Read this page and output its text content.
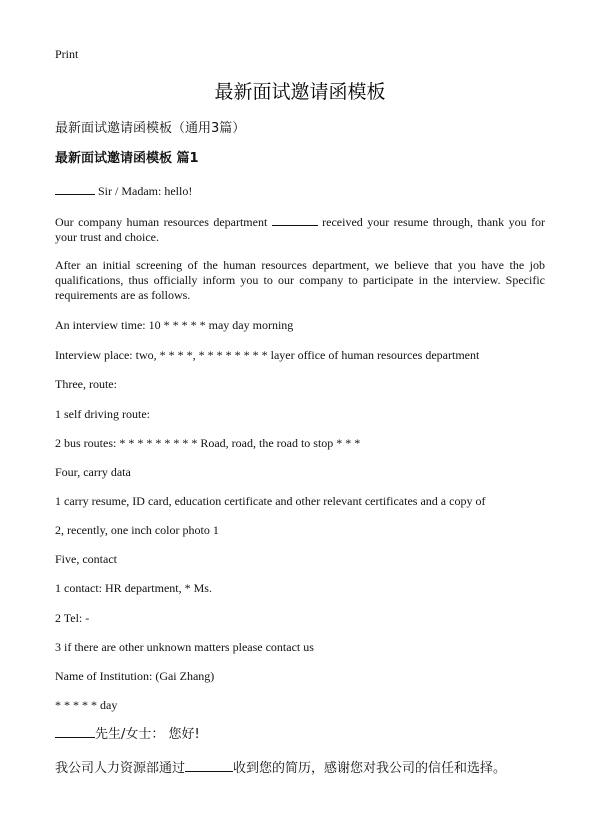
Print
最新面试邀请函模板
最新面试邀请函模板（通用3篇）
最新面试邀请函模板 篇1
Sir / Madam: hello!
Our company human resources department	received your resume through, thank you for your trust and choice.
After an initial screening of the human resources department, we believe that you have the job qualifications, thus officially inform you to our company to participate in the interview. Specific requirements are as follows.
An interview time: 10 * * * * * may day morning
Interview place: two, * * * *, * * * * * * * * layer office of human resources department
Three, route:
1 self driving route:
2 bus routes: * * * * * * * * * Road, road, the road to stop * * *
Four, carry data
1 carry resume, ID card, education certificate and other relevant certificates and a copy of
2, recently, one inch color photo 1
Five, contact
1 contact: HR department, * Ms.
2 Tel: -
3 if there are other unknown matters please contact us
Name of Institution: (Gai Zhang)
* * * * * day
先生/女士： 您好!
我公司人力资源部通过	收到您的简历，感谢您对我公司的信任和选择。
